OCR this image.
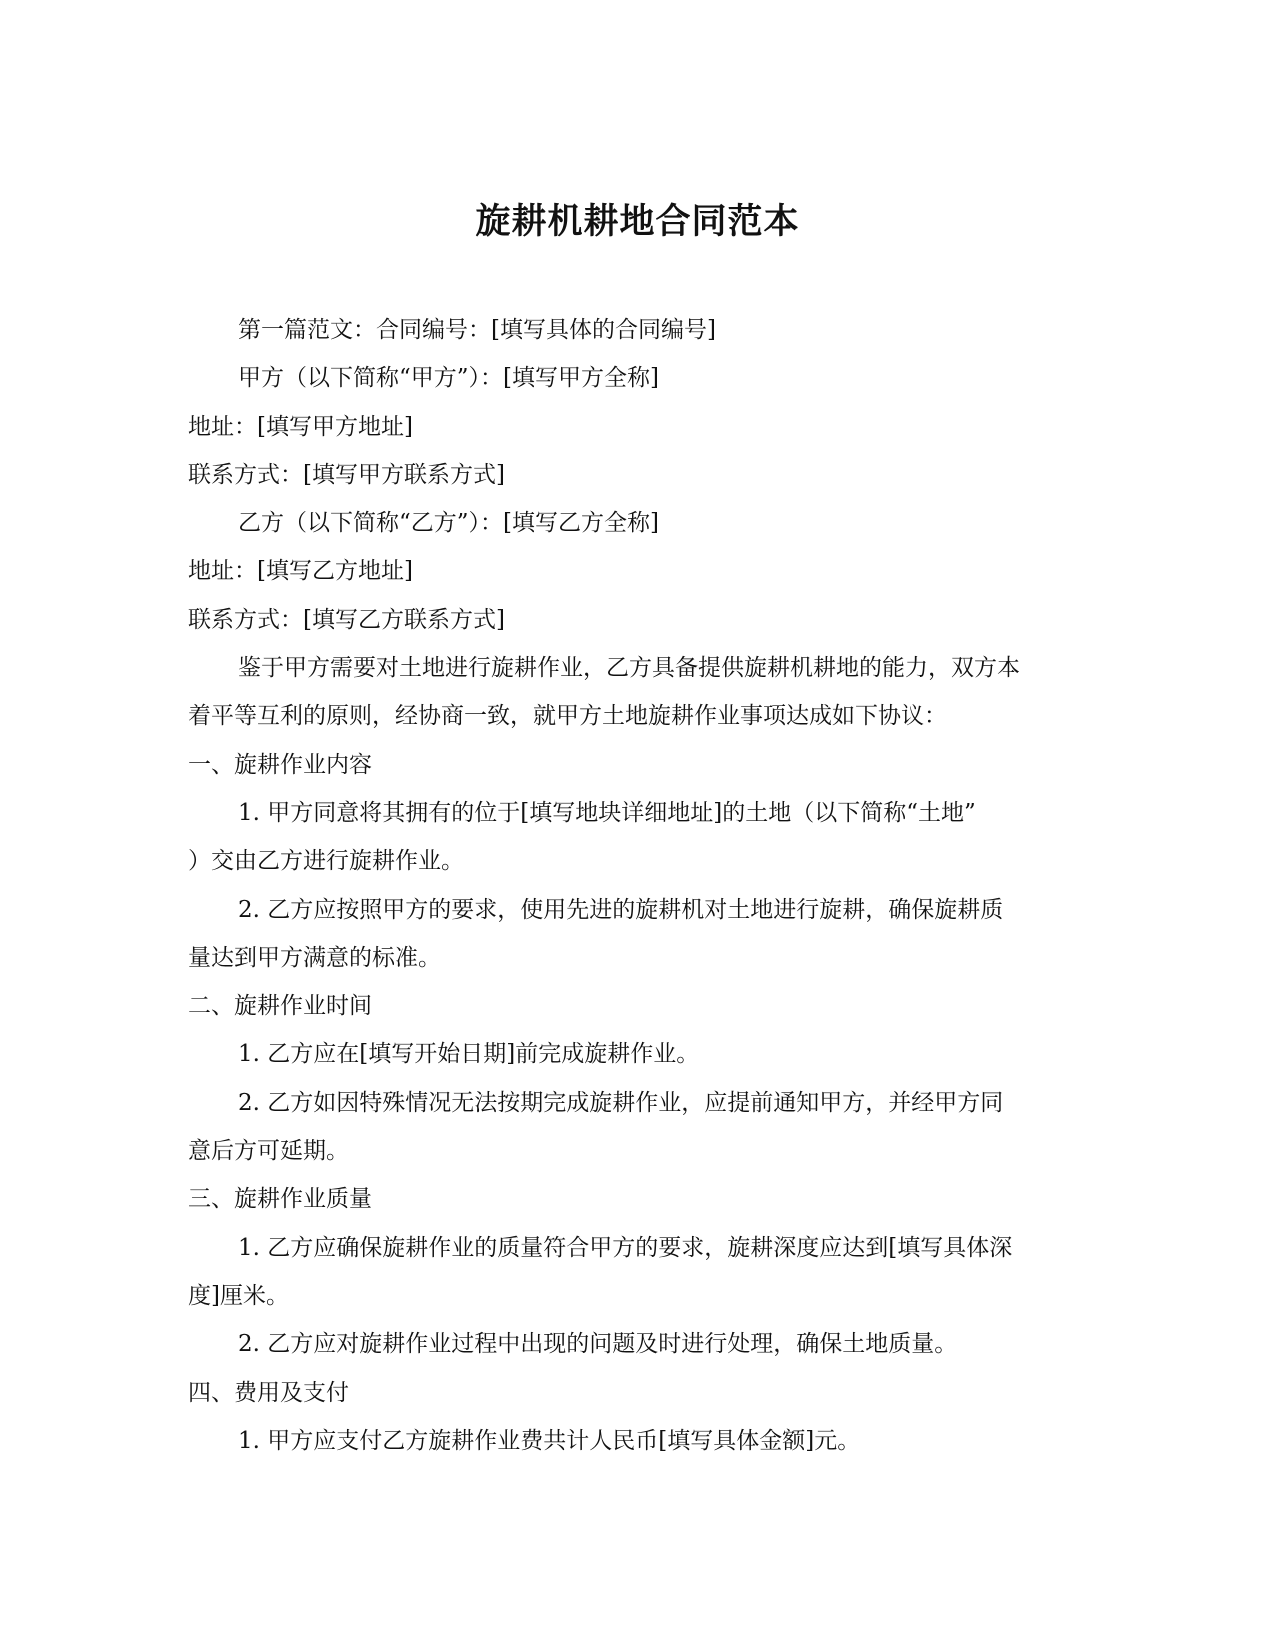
旋耕机耕地合同范本
第一篇范文：合同编号：[填写具体的合同编号]
甲方（以下简称“甲方”）：[填写甲方全称]
地址：[填写甲方地址]
联系方式：[填写甲方联系方式]
乙方（以下简称“乙方”）：[填写乙方全称]
地址：[填写乙方地址]
联系方式：[填写乙方联系方式]
鉴于甲方需要对土地进行旋耕作业，乙方具备提供旋耕机耕地的能力，双方本
着平等互利的原则，经协商一致，就甲方土地旋耕作业事项达成如下协议：
一、旋耕作业内容
1. 甲方同意将其拥有的位于[填写地块详细地址]的土地（以下简称“土地”
）交由乙方进行旋耕作业。
2. 乙方应按照甲方的要求，使用先进的旋耕机对土地进行旋耕，确保旋耕质
量达到甲方满意的标准。
二、旋耕作业时间
1. 乙方应在[填写开始日期]前完成旋耕作业。
2. 乙方如因特殊情况无法按期完成旋耕作业，应提前通知甲方，并经甲方同
意后方可延期。
三、旋耕作业质量
1. 乙方应确保旋耕作业的质量符合甲方的要求，旋耕深度应达到[填写具体深
度]厘米。
2. 乙方应对旋耕作业过程中出现的问题及时进行处理，确保土地质量。
四、费用及支付
1. 甲方应支付乙方旋耕作业费共计人民币[填写具体金额]元。
